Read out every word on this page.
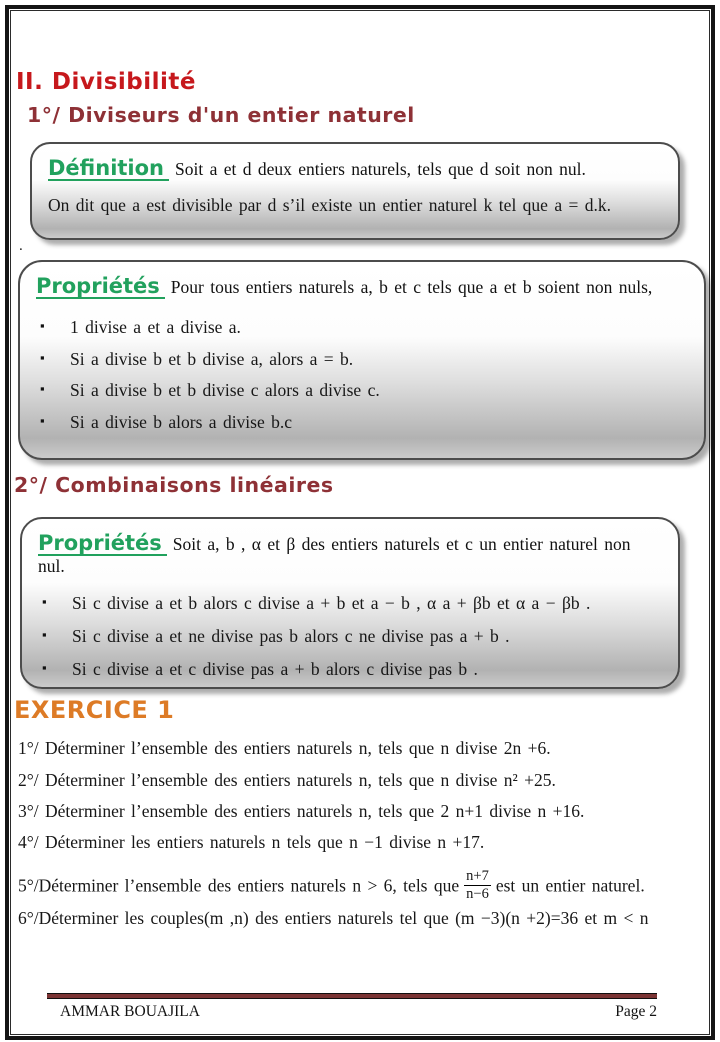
II. Divisibilité
1°/ Diviseurs d'un entier naturel
Définition Soit a et d deux entiers naturels, tels que d soit non nul.
On dit que a est divisible par d s’il existe un entier naturel k tel que a = d.k.
.
Propriétés Pour tous entiers naturels a, b et c tels que a et b soient non nuls,
▪ 1 divise a et a divise a.
▪ Si a divise b et b divise a, alors a = b.
▪ Si a divise b et b divise c alors a divise c.
▪ Si a divise b alors a divise b.c
2°/ Combinaisons linéaires
Propriétés Soit a, b , α et β des entiers naturels et c un entier naturel non nul.
▪ Si c divise a et b alors c divise a + b et a − b , α a + βb et α a − βb .
▪ Si c divise a et ne divise pas b alors c ne divise pas a + b .
▪ Si c divise a et c divise pas a + b alors c divise pas b .
EXERCICE 1
1°/ Déterminer l’ensemble des entiers naturels n, tels que n divise 2n +6.
2°/ Déterminer l’ensemble des entiers naturels n, tels que n divise n² +25.
3°/ Déterminer l’ensemble des entiers naturels n, tels que 2 n+1 divise n +16.
4°/ Déterminer les entiers naturels n tels que n −1 divise n +17.
5°/Déterminer l’ensemble des entiers naturels n > 6, tels que $\frac{n+7}{n-6}$ est un entier naturel.
6°/Déterminer les couples(m ,n) des entiers naturels tel que (m −3)(n +2)=36 et m < n
AMMAR BOUAJILA	Page 2
